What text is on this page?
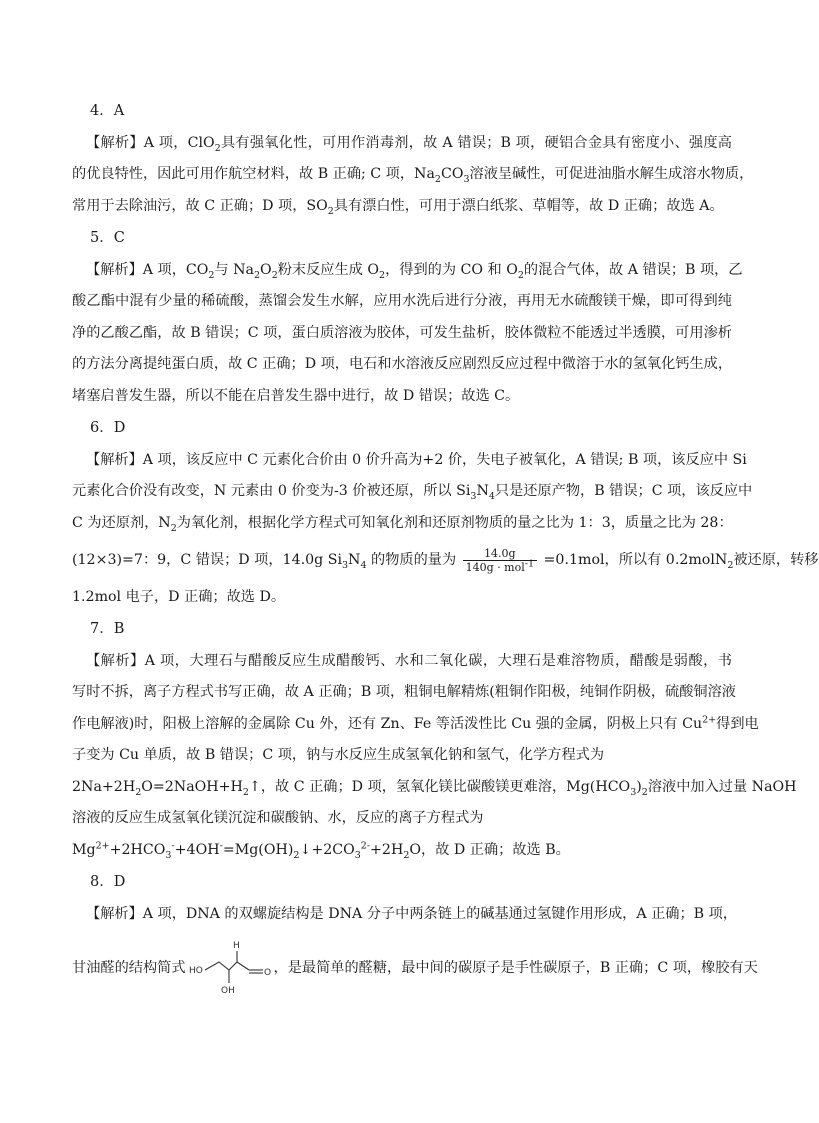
4．A
【解析】A 项，ClO$_2$具有强氧化性，可用作消毒剂，故 A 错误；B 项，硬铝合金具有密度小、强度高
的优良特性，因此可用作航空材料，故 B 正确; C 项，$Na_2CO_3$溶液呈碱性，可促进油脂水解生成溶水物质，
常用于去除油污，故 C 正确；D 项，$SO_2$具有漂白性，可用于漂白纸浆、草帽等，故 D 正确；故选 A。
5．C
【解析】A 项，$CO_2$与 $Na_2O_2$粉末反应生成 $O_2$，得到的为 CO 和 $O_2$的混合气体，故 A 错误；B 项，乙
酸乙酯中混有少量的稀硫酸，蒸馏会发生水解，应用水洗后进行分液，再用无水硫酸镁干燥，即可得到纯
净的乙酸乙酯，故 B 错误；C 项，蛋白质溶液为胶体，可发生盐析，胶体微粒不能透过半透膜，可用渗析
的方法分离提纯蛋白质，故 C 正确；D 项，电石和水溶液反应剧烈反应过程中微溶于水的氢氧化钙生成，
堵塞启普发生器，所以不能在启普发生器中进行，故 D 错误；故选 C。
6．D
【解析】A 项，该反应中 C 元素化合价由 0 价升高为+2 价，失电子被氧化，A 错误; B 项，该反应中 Si
元素化合价没有改变，N 元素由 0 价变为-3 价被还原，所以 $Si_3N_4$只是还原产物，B 错误；C 项，该反应中
C 为还原剂，$N_2$为氧化剂，根据化学方程式可知氧化剂和还原剂物质的量之比为 1：3，质量之比为 28：
(12×3)=7：9，C 错误；D 项，14.0g $Si_3N_4$ 的物质的量为 $\frac{14.0g}{140g \cdot mol^{-1}} =0.1mol$，所以有 0.2molN$_2$被还原，转移
1.2mol 电子，D 正确；故选 D。
7．B
【解析】A 项，大理石与醋酸反应生成醋酸钙、水和二氧化碳，大理石是难溶物质，醋酸是弱酸，书
写时不拆，离子方程式书写正确，故 A 正确；B 项，粗铜电解精炼(粗铜作阳极，纯铜作阴极，硫酸铜溶液
作电解液)时，阳极上溶解的金属除 Cu 外，还有 Zn、Fe 等活泼性比 Cu 强的金属，阴极上只有 $Cu^{2+}$得到电
子变为 Cu 单质，故 B 错误；C 项，钠与水反应生成氢氧化钠和氢气，化学方程式为
$2Na+2H_2O=2NaOH+H_2↑$，故 C 正确；D 项，氢氧化镁比碳酸镁更难溶，$Mg(HCO_3)_2$溶液中加入过量 NaOH
溶液的反应生成氢氧化镁沉淀和碳酸钠、水，反应的离子方程式为
$Mg^{2+}+2HCO_3^-+4OH^-=Mg(OH)_2↓+2CO_3^{2-}+2H_2O$，故 D 正确；故选 B。
8．D
【解析】A 项，DNA 的双螺旋结构是 DNA 分子中两条链上的碱基通过氢键作用形成，A 正确；B 项，
甘油醛的结构简式 HO
H
OH
O ，是最简单的醛糖，最中间的碳原子是手性碳原子，B 正确；C 项，橡胶有天
